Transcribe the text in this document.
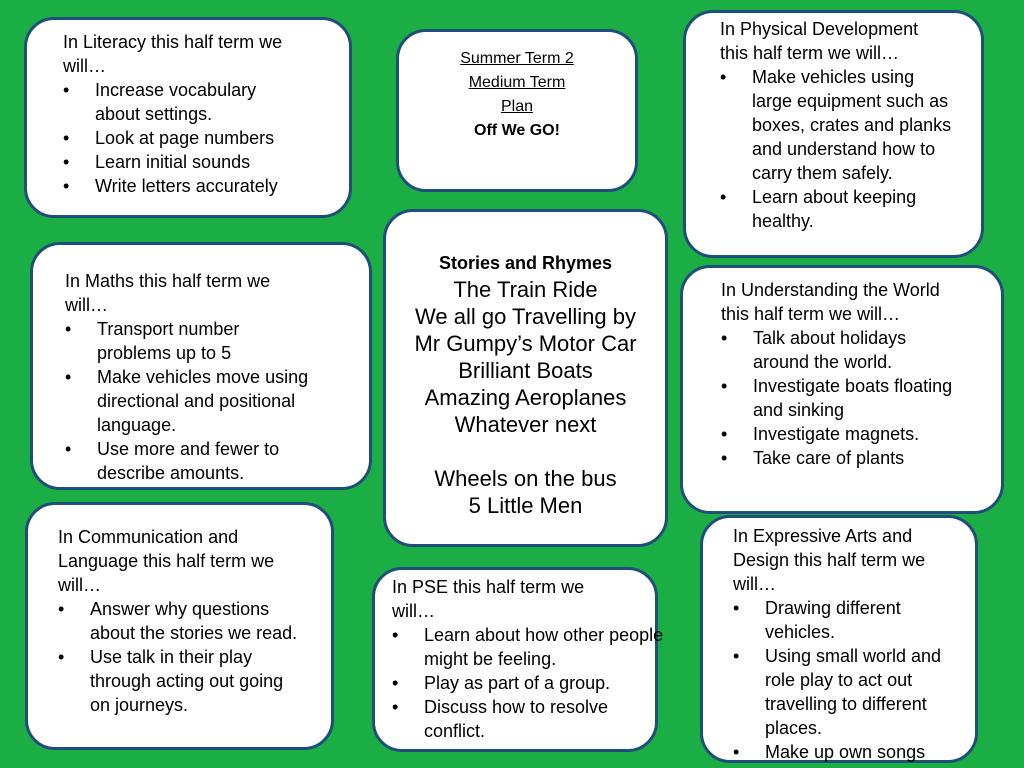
In Literacy this half term we will…

•	Increase vocabulary about settings.
•	Look at page numbers
•	Learn initial sounds
•	Write letters accurately

Summer Term 2

Medium Term

Plan

Off We GO!

In Physical Development this half term we will…

•	Make vehicles using large equipment such as boxes, crates and planks and understand how to carry them safely.
•	Learn about keeping healthy.

In Maths this half term we will…

•	Transport number problems up to 5
•	Make vehicles move using directional and positional language.
•	Use more and fewer to describe amounts.

Stories and Rhymes

The Train Ride

We all go Travelling by

Mr Gumpy’s Motor Car

Brilliant Boats

Amazing Aeroplanes

Whatever next

Wheels on the bus

5 Little Men

In Understanding the World this half term we will…

•	Talk about holidays around the world.
•	Investigate boats floating and sinking
•	Investigate magnets.
•	Take care of plants

In Communication and Language this half term we will…

•	Answer why questions about the stories we read.
•	Use talk in their play through acting out going on journeys.

In PSE this half term we will…

•	Learn about how other people might be feeling.
•	Play as part of a group.
•	Discuss how to resolve conflict.

In Expressive Arts and Design this half term we will…

•	Drawing different vehicles.
•	Using small world and role play to act out travelling to different places.
•	Make up own songs
